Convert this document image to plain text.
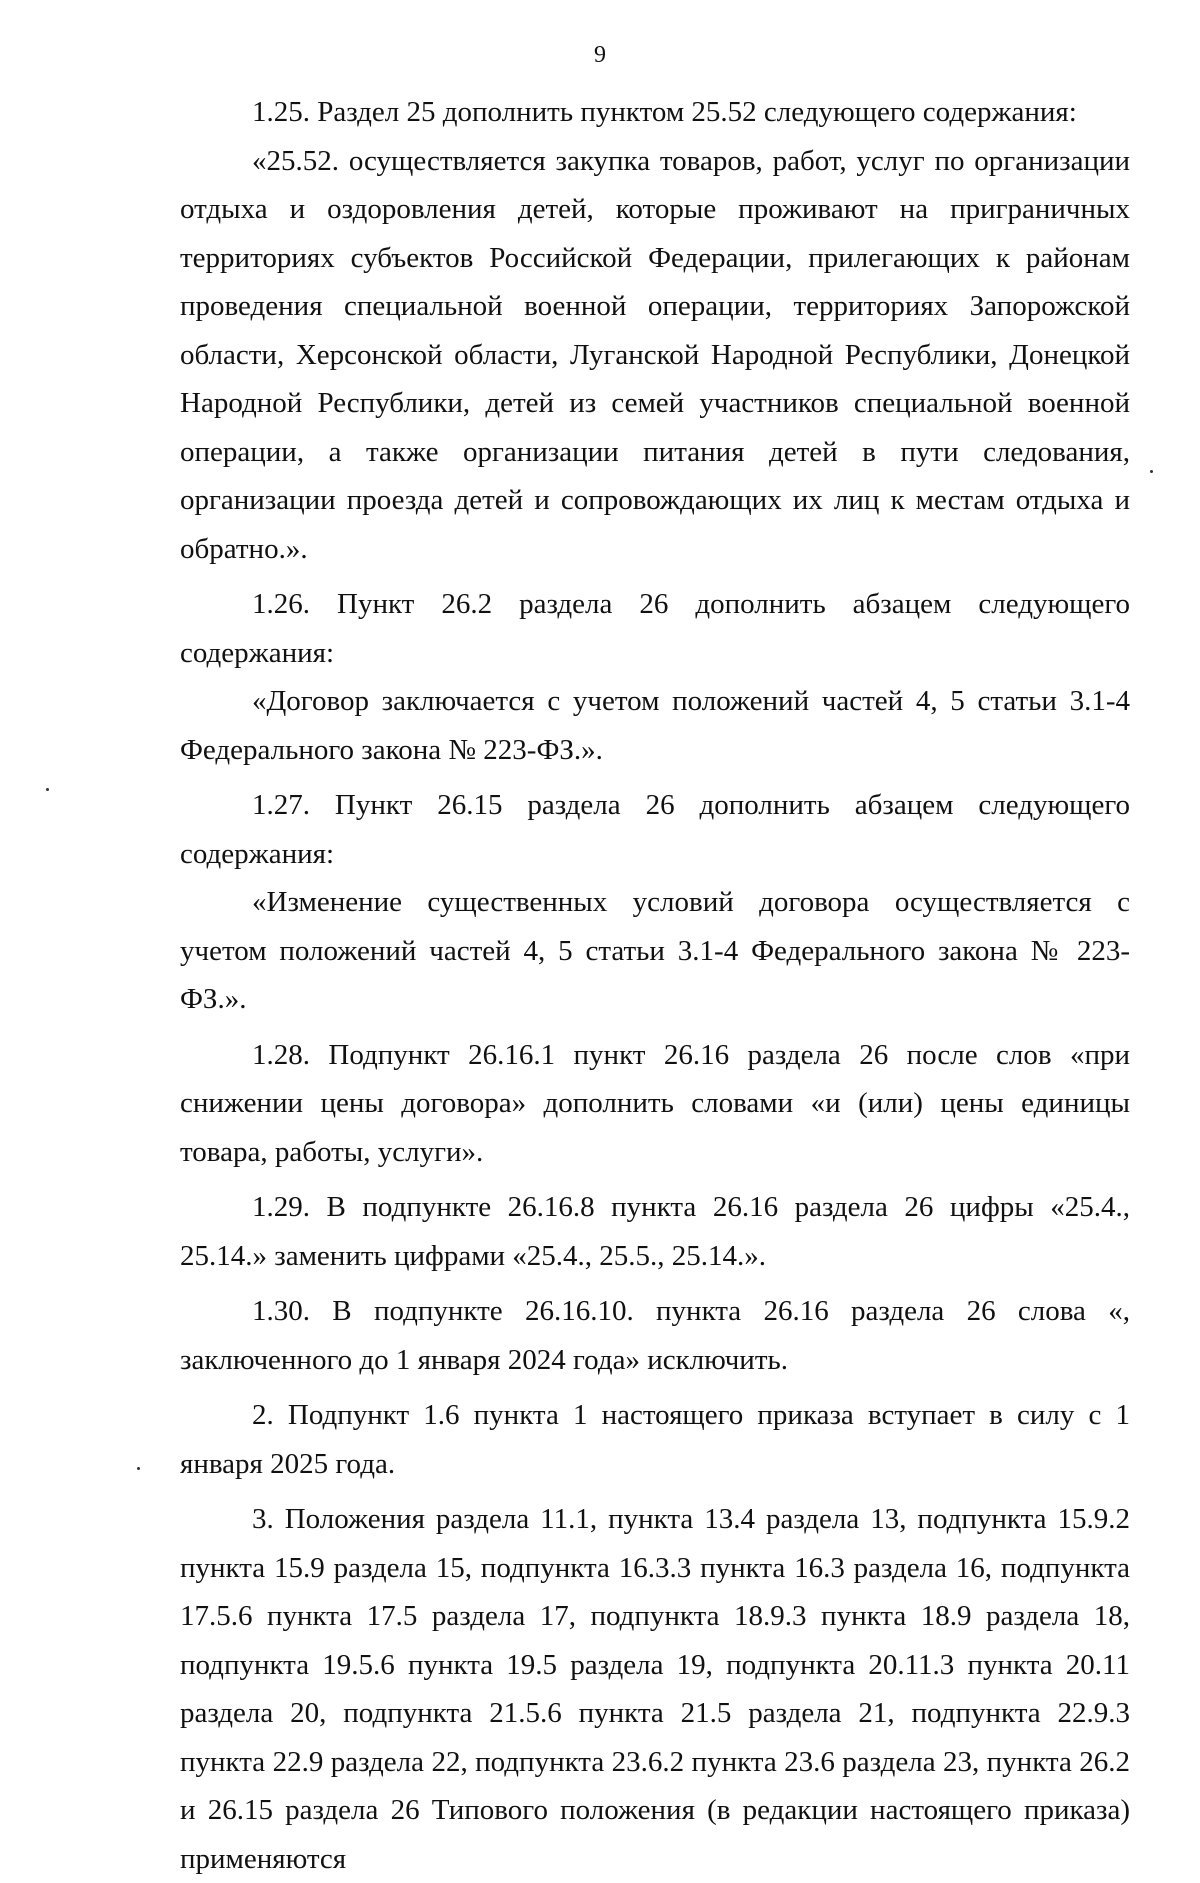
9

1.25. Раздел 25 дополнить пунктом 25.52 следующего содержания:

«25.52. осуществляется закупка товаров, работ, услуг по организации отдыха и оздоровления детей, которые проживают на приграничных территориях субъектов Российской Федерации, прилегающих к районам проведения специальной военной операции, территориях Запорожской области, Херсонской области, Луганской Народной Республики, Донецкой Народной Республики, детей из семей участников специальной военной операции, а также организации питания детей в пути следования, организации проезда детей и сопровождающих их лиц к местам отдыха и обратно.».

1.26. Пункт 26.2 раздела 26 дополнить абзацем следующего содержания:

«Договор заключается с учетом положений частей 4, 5 статьи 3.1-4 Федерального закона № 223-ФЗ.».

1.27. Пункт 26.15 раздела 26 дополнить абзацем следующего содержания:

«Изменение существенных условий договора осуществляется с учетом положений частей 4, 5 статьи 3.1-4 Федерального закона № 223-ФЗ.».

1.28. Подпункт 26.16.1 пункт 26.16 раздела 26 после слов «при снижении цены договора» дополнить словами «и (или) цены единицы товара, работы, услуги».

1.29. В подпункте 26.16.8 пункта 26.16 раздела 26 цифры «25.4., 25.14.» заменить цифрами «25.4., 25.5., 25.14.».

1.30. В подпункте 26.16.10. пункта 26.16 раздела 26 слова «, заключенного до 1 января 2024 года» исключить.

2. Подпункт 1.6 пункта 1 настоящего приказа вступает в силу с 1 января 2025 года.

3. Положения раздела 11.1, пункта 13.4 раздела 13, подпункта 15.9.2 пункта 15.9 раздела 15, подпункта 16.3.3 пункта 16.3 раздела 16, подпункта 17.5.6 пункта 17.5 раздела 17, подпункта 18.9.3 пункта 18.9 раздела 18, подпункта 19.5.6 пункта 19.5 раздела 19, подпункта 20.11.3 пункта 20.11 раздела 20, подпункта 21.5.6 пункта 21.5 раздела 21, подпункта 22.9.3 пункта 22.9 раздела 22, подпункта 23.6.2 пункта 23.6 раздела 23, пункта 26.2 и 26.15 раздела 26 Типового положения (в редакции настоящего приказа) применяются
